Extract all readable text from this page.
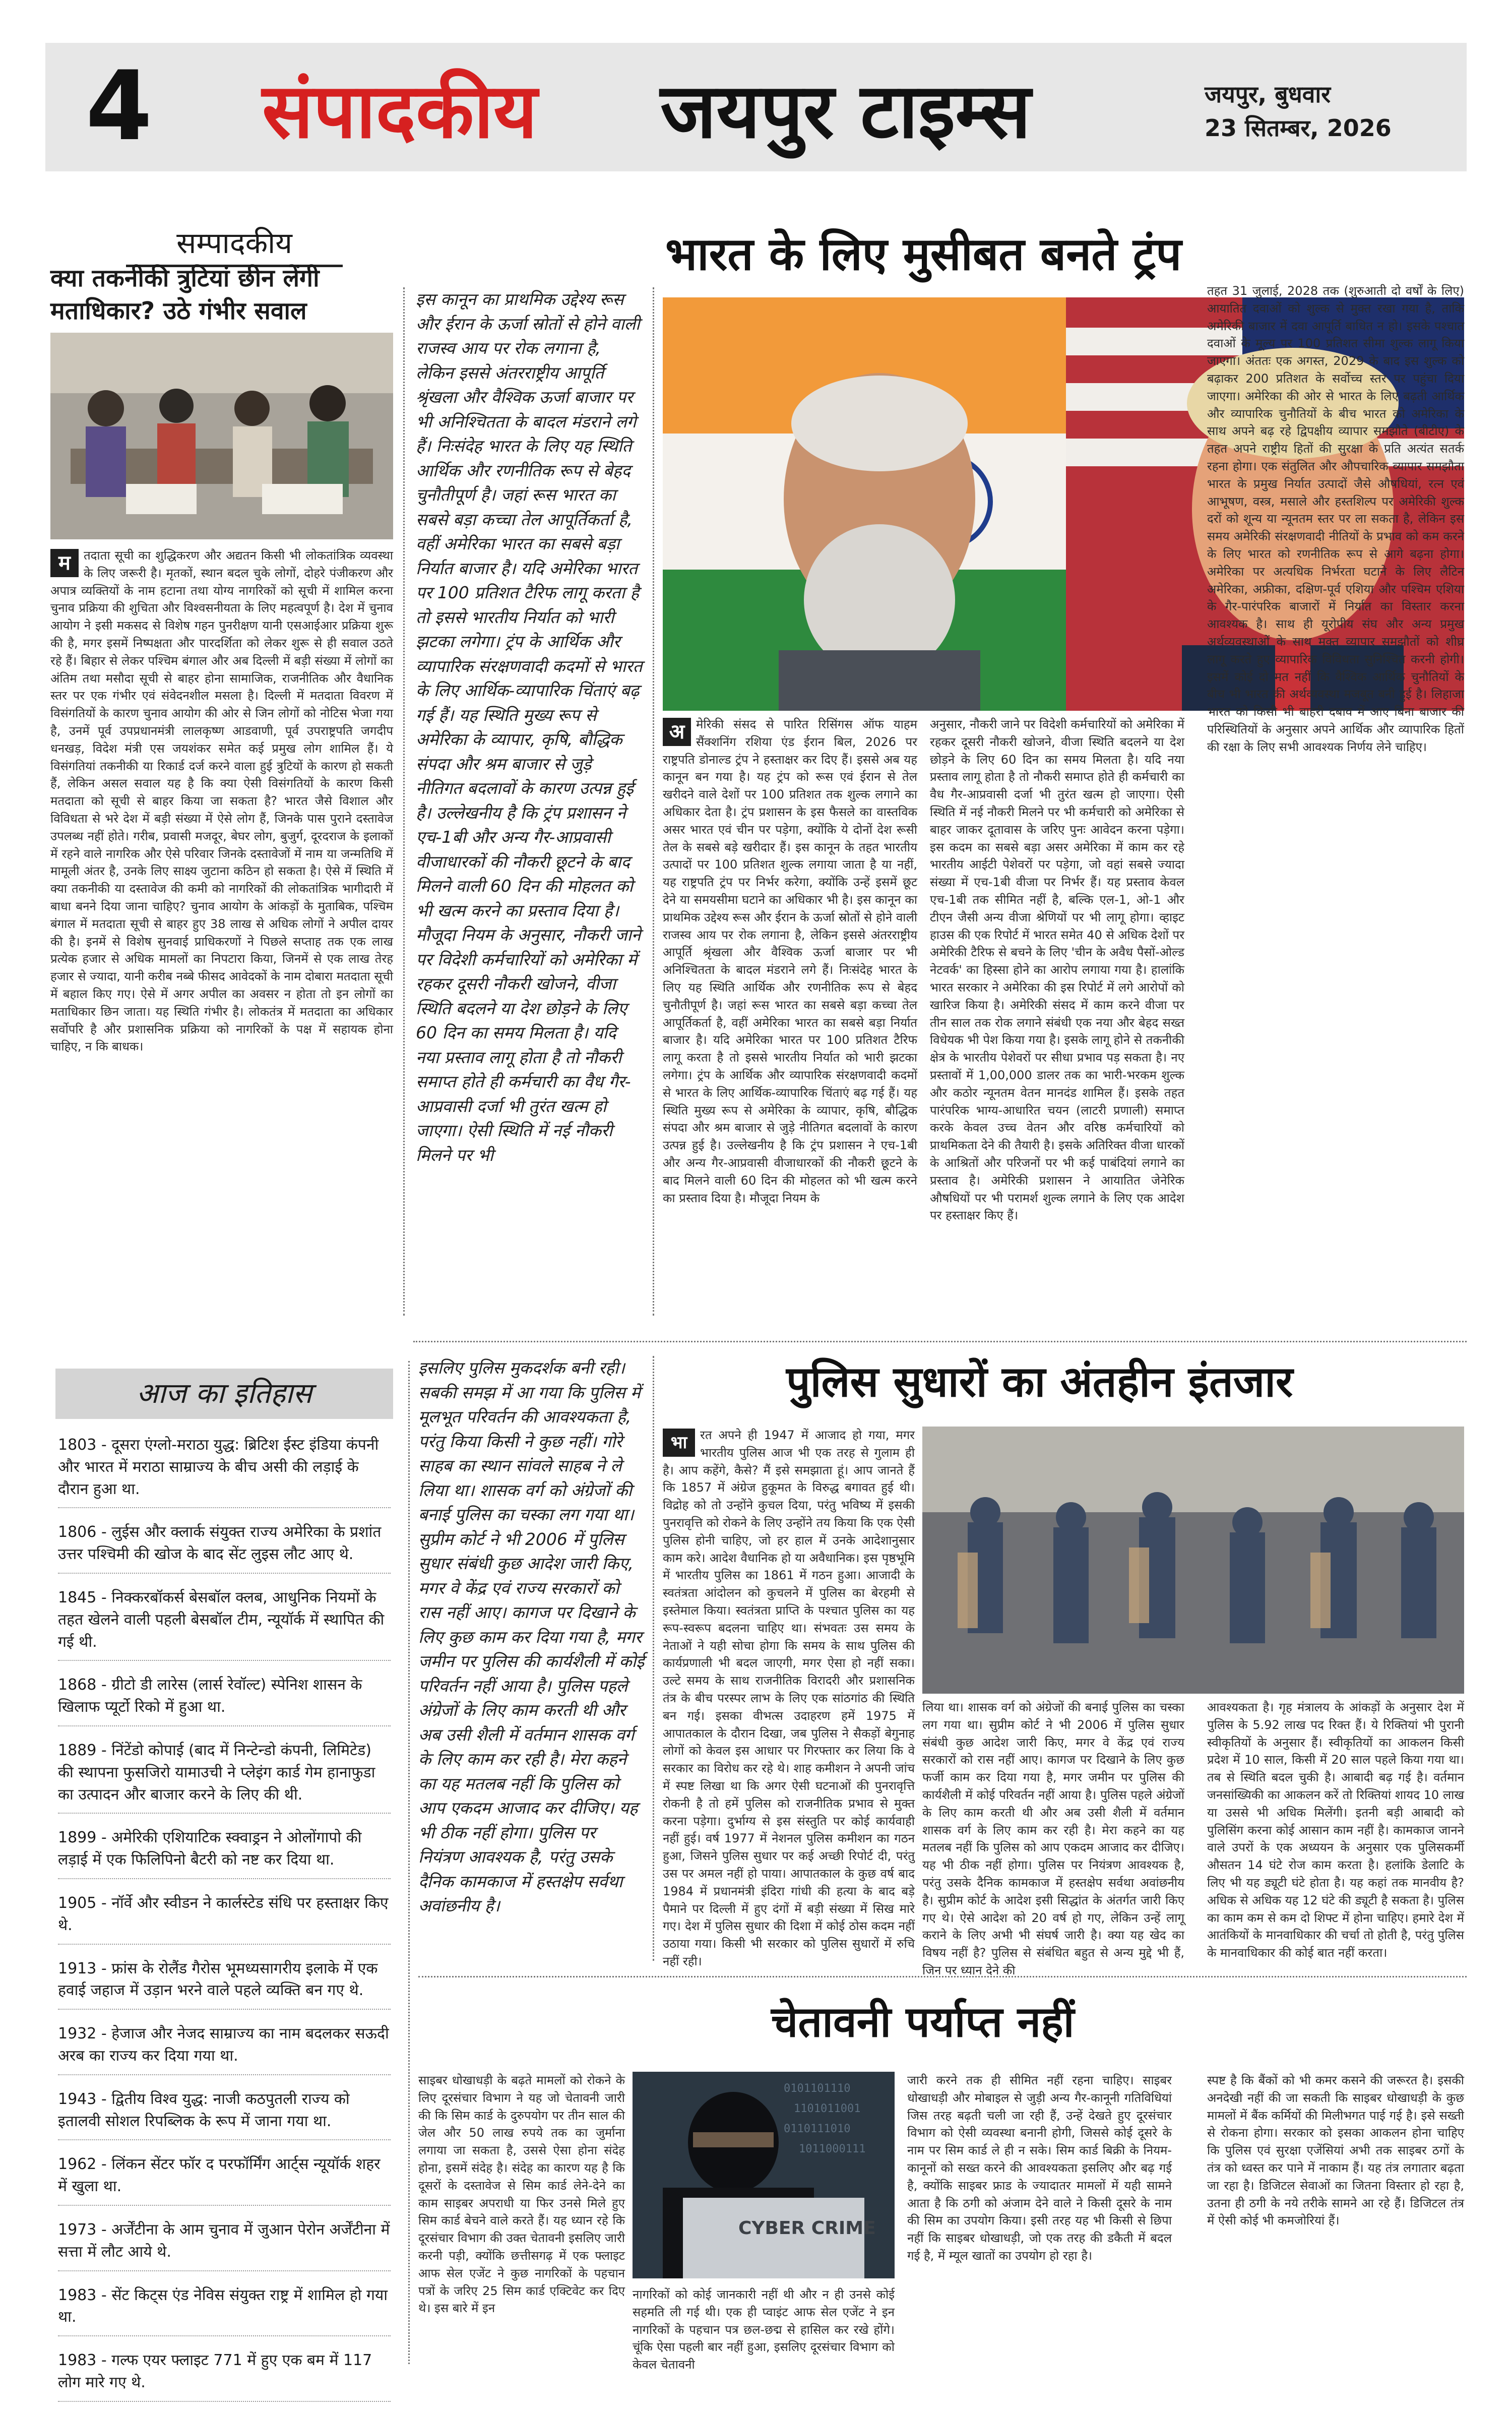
4 संपादकीय जयपुर टाइम्स	जयपुर, बुधवार
23 सितम्बर, 2026
सम्पादकीय
क्या तकनीकी त्रुटियां छीन लेंगी मताधिकार? उठे गंभीर सवाल
म	तदाता सूची का शुद्धिकरण और अद्यतन किसी भी लोकतांत्रिक व्यवस्था के लिए जरूरी है। मृतकों, स्थान बदल चुके लोगों, दोहरे पंजीकरण और अपात्र व्यक्तियों के नाम हटाना तथा योग्य नागरिकों को सूची में शामिल करना चुनाव प्रक्रिया की शुचिता और विश्वसनीयता के लिए महत्वपूर्ण है। देश में चुनाव आयोग ने इसी मकसद से विशेष गहन पुनरीक्षण यानी एसआईआर प्रक्रिया शुरू की है, मगर इसमें निष्पक्षता और पारदर्शिता को लेकर शुरू से ही सवाल उठते रहे हैं। बिहार से लेकर पश्चिम बंगाल और अब दिल्ली में बड़ी संख्या में लोगों का अंतिम तथा मसौदा सूची से बाहर होना सामाजिक, राजनीतिक और वैधानिक स्तर पर एक गंभीर एवं संवेदनशील मसला है। दिल्ली में मतदाता विवरण में विसंगतियों के कारण चुनाव आयोग की ओर से जिन लोगों को नोटिस भेजा गया है, उनमें पूर्व उपप्रधानमंत्री लालकृष्ण आडवाणी, पूर्व उपराष्ट्रपति जगदीप धनखड़, विदेश मंत्री एस जयशंकर समेत कई प्रमुख लोग शामिल हैं। ये विसंगतियां तकनीकी या रिकार्ड दर्ज करने वाला हुई त्रुटियों के कारण हो सकती हैं, लेकिन असल सवाल यह है कि क्या ऐसी विसंगतियों के कारण किसी मतदाता को सूची से बाहर किया जा सकता है? भारत जैसे विशाल और विविधता से भरे देश में बड़ी संख्या में ऐसे लोग हैं, जिनके पास पुराने दस्तावेज उपलब्ध नहीं होते। गरीब, प्रवासी मजदूर, बेघर लोग, बुजुर्ग, दूरदराज के इलाकों में रहने वाले नागरिक और ऐसे परिवार जिनके दस्तावेजों में नाम या जन्मतिथि में मामूली अंतर है, उनके लिए साक्ष्य जुटाना कठिन हो सकता है। ऐसे में स्थिति में क्या तकनीकी या दस्तावेज की कमी को नागरिकों की लोकतांत्रिक भागीदारी में बाधा बनने दिया जाना चाहिए? चुनाव आयोग के आंकड़ों के मुताबिक, पश्चिम बंगाल में मतदाता सूची से बाहर हुए 38 लाख से अधिक लोगों ने अपील दायर की है। इनमें से विशेष सुनवाई प्राधिकरणों ने पिछले सप्ताह तक एक लाख प्रत्येक हजार से अधिक मामलों का निपटारा किया, जिनमें से एक लाख तेरह हजार से ज्यादा, यानी करीब नब्बे फीसद आवेदकों के नाम दोबारा मतदाता सूची में बहाल किए गए। ऐसे में अगर अपील का अवसर न होता तो इन लोगों का मताधिकार छिन जाता। यह स्थिति गंभीर है। लोकतंत्र में मतदाता का अधिकार सर्वोपरि है और प्रशासनिक प्रक्रिया को नागरिकों के पक्ष में सहायक होना चाहिए, न कि बाधक।
इस कानून का प्राथमिक उद्देश्य रूस और ईरान के ऊर्जा स्रोतों से होने वाली राजस्व आय पर रोक लगाना है, लेकिन इससे अंतरराष्ट्रीय आपूर्ति श्रृंखला और वैश्विक ऊर्जा बाजार पर भी अनिश्चितता के बादल मंडराने लगे हैं। निःसंदेह भारत के लिए यह स्थिति आर्थिक और रणनीतिक रूप से बेहद चुनौतीपूर्ण है। जहां रूस भारत का सबसे बड़ा कच्चा तेल आपूर्तिकर्ता है, वहीं अमेरिका भारत का सबसे बड़ा निर्यात बाजार है। यदि अमेरिका भारत पर 100 प्रतिशत टैरिफ लागू करता है तो इससे भारतीय निर्यात को भारी झटका लगेगा। ट्रंप के आर्थिक और व्यापारिक संरक्षणवादी कदमों से भारत के लिए आर्थिक-व्यापारिक चिंताएं बढ़ गई हैं। यह स्थिति मुख्य रूप से अमेरिका के व्यापार, कृषि, बौद्धिक संपदा और श्रम बाजार से जुड़े नीतिगत बदलावों के कारण उत्पन्न हुई है। उल्लेखनीय है कि ट्रंप प्रशासन ने एच-1बी और अन्य गैर-आप्रवासी वीजाधारकों की नौकरी छूटने के बाद मिलने वाली 60 दिन की मोहलत को भी खत्म करने का प्रस्ताव दिया है। मौजूदा नियम के अनुसार, नौकरी जाने पर विदेशी कर्मचारियों को अमेरिका में रहकर दूसरी नौकरी खोजने, वीजा स्थिति बदलने या देश छोड़ने के लिए 60 दिन का समय मिलता है। यदि नया प्रस्ताव लागू होता है तो नौकरी समाप्त होते ही कर्मचारी का वैध गैर-आप्रवासी दर्जा भी तुरंत खत्म हो जाएगा। ऐसी स्थिति में नई नौकरी मिलने पर भी
भारत के लिए मुसीबत बनते ट्रंप
अ मेरिकी संसद से पारित रिसिंगस ऑफ याहम सैंक्शनिंग रशिया एंड ईरान बिल, 2026 पर राष्ट्रपति डोनाल्ड ट्रंप ने हस्ताक्षर कर दिए हैं। इससे अब यह कानून बन गया है। यह ट्रंप को रूस एवं ईरान से तेल खरीदने वाले देशों पर 100 प्रतिशत तक शुल्क लगाने का अधिकार देता है। ट्रंप प्रशासन के इस फैसले का वास्तविक असर भारत एवं चीन पर पड़ेगा, क्योंकि ये दोनों देश रूसी तेल के सबसे बड़े खरीदार हैं। इस कानून के तहत भारतीय उत्पादों पर 100 प्रतिशत शुल्क लगाया जाता है या नहीं, यह राष्ट्रपति ट्रंप पर निर्भर करेगा, क्योंकि उन्हें इसमें छूट देने या समयसीमा घटाने का अधिकार भी है। इस कानून का प्राथमिक उद्देश्य रूस और ईरान के ऊर्जा स्रोतों से होने वाली राजस्व आय पर रोक लगाना है, लेकिन इससे अंतरराष्ट्रीय आपूर्ति श्रृंखला और वैश्विक ऊर्जा बाजार पर भी अनिश्चितता के बादल मंडराने लगे हैं। निःसंदेह भारत के लिए यह स्थिति आर्थिक और रणनीतिक रूप से बेहद चुनौतीपूर्ण है। जहां रूस भारत का सबसे बड़ा कच्चा तेल आपूर्तिकर्ता है, वहीं अमेरिका भारत का सबसे बड़ा निर्यात बाजार है। यदि अमेरिका भारत पर 100 प्रतिशत टैरिफ लागू करता है तो इससे भारतीय निर्यात को भारी झटका लगेगा। ट्रंप के आर्थिक और व्यापारिक संरक्षणवादी कदमों से भारत के लिए आर्थिक-व्यापारिक चिंताएं बढ़ गई हैं। यह स्थिति मुख्य रूप से अमेरिका के व्यापार, कृषि, बौद्धिक संपदा और श्रम बाजार से जुड़े नीतिगत बदलावों के कारण उत्पन्न हुई है। उल्लेखनीय है कि ट्रंप प्रशासन ने एच-1बी और अन्य गैर-आप्रवासी वीजाधारकों की नौकरी छूटने के बाद मिलने वाली 60 दिन की मोहलत को भी खत्म करने का प्रस्ताव दिया है। मौजूदा नियम के
अनुसार, नौकरी जाने पर विदेशी कर्मचारियों को अमेरिका में रहकर दूसरी नौकरी खोजने, वीजा स्थिति बदलने या देश छोड़ने के लिए 60 दिन का समय मिलता है। यदि नया प्रस्ताव लागू होता है तो नौकरी समाप्त होते ही कर्मचारी का वैध गैर-आप्रवासी दर्जा भी तुरंत खत्म हो जाएगा। ऐसी स्थिति में नई नौकरी मिलने पर भी कर्मचारी को अमेरिका से बाहर जाकर दूतावास के जरिए पुनः आवेदन करना पड़ेगा। इस कदम का सबसे बड़ा असर अमेरिका में काम कर रहे भारतीय आईटी पेशेवरों पर पड़ेगा, जो वहां सबसे ज्यादा संख्या में एच-1बी वीजा पर निर्भर हैं। यह प्रस्ताव केवल एच-1बी तक सीमित नहीं है, बल्कि एल-1, ओ-1 और टीएन जैसी अन्य वीजा श्रेणियों पर भी लागू होगा। व्हाइट हाउस की एक रिपोर्ट में भारत समेत 40 से अधिक देशों पर अमेरिकी टैरिफ से बचने के लिए 'चीन के अवैध पैसों-ओल्ड नेटवर्क' का हिस्सा होने का आरोप लगाया गया है। हालांकि भारत सरकार ने अमेरिका की इस रिपोर्ट में लगे आरोपों को खारिज किया है। अमेरिकी संसद में काम करने वीजा पर तीन साल तक रोक लगाने संबंधी एक नया और बेहद सख्त विधेयक भी पेश किया गया है। इसके लागू होने से तकनीकी क्षेत्र के भारतीय पेशेवरों पर सीधा प्रभाव पड़ सकता है। नए प्रस्तावों में 1,00,000 डालर तक का भारी-भरकम शुल्क और कठोर न्यूनतम वेतन मानदंड शामिल हैं। इसके तहत पारंपरिक भाग्य-आधारित चयन (लाटरी प्रणाली) समाप्त करके केवल उच्च वेतन और वरिष्ठ कर्मचारियों को प्राथमिकता देने की तैयारी है। इसके अतिरिक्त वीजा धारकों के आश्रितों और परिजनों पर भी कई पाबंदियां लगाने का प्रस्ताव है। अमेरिकी प्रशासन ने आयातित जेनेरिक औषधियों पर भी परामर्श शुल्क लगाने के लिए एक आदेश पर हस्ताक्षर किए हैं।
तहत 31 जुलाई, 2028 तक (शुरुआती दो वर्षों के लिए) आयातित दवाओं को शुल्क से मुक्त रखा गया है, ताकि अमेरिकी बाजार में दवा आपूर्ति बाधित न हो। इसके पश्चात दवाओं के मूल्य पर 100 प्रतिशत सीमा शुल्क लागू किया जाएगा। अंततः एक अगस्त, 2029 के बाद इस शुल्क को बढ़ाकर 200 प्रतिशत के सर्वोच्च स्तर पर पहुंचा दिया जाएगा। अमेरिका की ओर से भारत के लिए बढ़ती आर्थिक और व्यापारिक चुनौतियों के बीच भारत को अमेरिका के साथ अपने बढ़ रहे द्विपक्षीय व्यापार समझौते (बीटीए) के तहत अपने राष्ट्रीय हितों की सुरक्षा के प्रति अत्यंत सतर्क रहना होगा। एक संतुलित और औपचारिक व्यापार समझौता भारत के प्रमुख निर्यात उत्पादों जैसे औषधियां, रत्न एवं आभूषण, वस्त्र, मसाले और हस्तशिल्प पर अमेरिकी शुल्क दरों को शून्य या न्यूनतम स्तर पर ला सकता है, लेकिन इस समय अमेरिकी संरक्षणवादी नीतियों के प्रभाव को कम करने के लिए भारत को रणनीतिक रूप से आगे बढ़ना होगा। अमेरिका पर अत्यधिक निर्भरता घटाने के लिए लैटिन अमेरिका, अफ्रीका, दक्षिण-पूर्व एशिया और पश्चिम एशिया के गैर-पारंपरिक बाजारों में निर्यात का विस्तार करना आवश्यक है। साथ ही यूरोपीय संघ और अन्य प्रमुख अर्थव्यवस्थाओं के साथ मुक्त व्यापार समझौतों को शीघ्र लागू करते हुए व्यापारिक विविधता सुनिश्चित करनी होगी। इसमें कोई दो मत नहीं कि वैश्विक आर्थिक चुनौतियों के बीच भी भारत की अर्थव्यवस्था मजबूत बनी हुई है। लिहाजा भारत को किसी भी बाहरी दबाव में आए बिना बाजार की परिस्थितियों के अनुसार अपने आर्थिक और व्यापारिक हितों की रक्षा के लिए सभी आवश्यक निर्णय लेने चाहिए।
आज का इतिहास
1803 - दूसरा एंग्लो-मराठा युद्ध: ब्रिटिश ईस्ट इंडिया कंपनी और भारत में मराठा साम्राज्य के बीच असी की लड़ाई के दौरान हुआ था.
1806 - लुईस और क्लार्क संयुक्त राज्य अमेरिका के प्रशांत उत्तर पश्चिमी की खोज के बाद सेंट लुइस लौट आए थे.
1845 - निक्करबॉकर्स बेसबॉल क्लब, आधुनिक नियमों के तहत खेलने वाली पहली बेसबॉल टीम, न्यूयॉर्क में स्थापित की गई थी.
1868 - ग्रीटो डी लारेस (लार्स रेवॉल्ट) स्पेनिश शासन के खिलाफ प्यूर्टो रिको में हुआ था.
1889 - निंटेंडो कोपाई (बाद में निन्टेन्डो कंपनी, लिमिटेड) की स्थापना फुसजिरो यामाउची ने प्लेइंग कार्ड गेम हानाफुडा का उत्पादन और बाजार करने के लिए की थी.
1899 - अमेरिकी एशियाटिक स्क्वाड्रन ने ओलोंगापो की लड़ाई में एक फिलिपिनो बैटरी को नष्ट कर दिया था.
1905 - नॉर्वे और स्वीडन ने कार्लस्टेड संधि पर हस्ताक्षर किए थे.
1913 - फ्रांस के रोलैंड गैरोस भूमध्यसागरीय इलाके में एक हवाई जहाज में उड़ान भरने वाले पहले व्यक्ति बन गए थे.
1932 - हेजाज और नेजद साम्राज्य का नाम बदलकर सऊदी अरब का राज्य कर दिया गया था.
1943 - द्वितीय विश्व युद्ध: नाजी कठपुतली राज्य को इतालवी सोशल रिपब्लिक के रूप में जाना गया था.
1962 - लिंकन सेंटर फॉर द परफॉर्मिंग आर्ट्स न्यूयॉर्क शहर में खुला था.
1973 - अर्जेंटीना के आम चुनाव में जुआन पेरोन अर्जेंटीना में सत्ता में लौट आये थे.
1983 - सेंट किट्स एंड नेविस संयुक्त राष्ट्र में शामिल हो गया था.
1983 - गल्फ एयर फ्लाइट 771 में हुए एक बम में 117 लोग मारे गए थे.
इसलिए पुलिस मुकदर्शक बनी रही। सबकी समझ में आ गया कि पुलिस में मूलभूत परिवर्तन की आवश्यकता है, परंतु किया किसी ने कुछ नहीं। गोरे साहब का स्थान सांवले साहब ने ले लिया था। शासक वर्ग को अंग्रेजों की बनाई पुलिस का चस्का लग गया था। सुप्रीम कोर्ट ने भी 2006 में पुलिस सुधार संबंधी कुछ आदेश जारी किए, मगर वे केंद्र एवं राज्य सरकारों को रास नहीं आए। कागज पर दिखाने के लिए कुछ काम कर दिया गया है, मगर जमीन पर पुलिस की कार्यशैली में कोई परिवर्तन नहीं आया है। पुलिस पहले अंग्रेजों के लिए काम करती थी और अब उसी शैली में वर्तमान शासक वर्ग के लिए काम कर रही है। मेरा कहने का यह मतलब नहीं कि पुलिस को आप एकदम आजाद कर दीजिए। यह भी ठीक नहीं होगा। पुलिस पर नियंत्रण आवश्यक है, परंतु उसके दैनिक कामकाज में हस्तक्षेप सर्वथा अवांछनीय है।
पुलिस सुधारों का अंतहीन इंतजार
भा	रत अपने ही 1947 में आजाद हो गया, मगर भारतीय पुलिस आज भी एक तरह से गुलाम ही है। आप कहेंगे, कैसे? मैं इसे समझाता हूं। आप जानते हैं कि 1857 में अंग्रेज हुकूमत के विरुद्ध बगावत हुई थी। विद्रोह को तो उन्होंने कुचल दिया, परंतु भविष्य में इसकी पुनरावृत्ति को रोकने के लिए उन्होंने तय किया कि एक ऐसी पुलिस होनी चाहिए, जो हर हाल में उनके आदेशानुसार काम करे। आदेश वैधानिक हो या अवैधानिक। इस पृष्ठभूमि में भारतीय पुलिस का 1861 में गठन हुआ। आजादी के स्वतंत्रता आंदोलन को कुचलने में पुलिस का बेरहमी से इस्तेमाल किया। स्वतंत्रता प्राप्ति के पश्चात पुलिस का यह रूप-स्वरूप बदलना चाहिए था। संभवतः उस समय के नेताओं ने यही सोचा होगा कि समय के साथ पुलिस की कार्यप्रणाली भी बदल जाएगी, मगर ऐसा हो नहीं सका। उल्टे समय के साथ राजनीतिक विरादरी और प्रशासनिक तंत्र के बीच परस्पर लाभ के लिए एक सांठगांठ की स्थिति बन गई। इसका वीभत्स उदाहरण हमें 1975 में आपातकाल के दौरान दिखा, जब पुलिस ने सैकड़ों बेगुनाह लोगों को केवल इस आधार पर गिरफ्तार कर लिया कि वे सरकार का विरोध कर रहे थे। शाह कमीशन ने अपनी जांच में स्पष्ट लिखा था कि अगर ऐसी घटनाओं की पुनरावृत्ति रोकनी है तो हमें पुलिस को राजनीतिक प्रभाव से मुक्त करना पड़ेगा। दुर्भाग्य से इस संस्तुति पर कोई कार्यवाही नहीं हुई। वर्ष 1977 में नेशनल पुलिस कमीशन का गठन हुआ, जिसने पुलिस सुधार पर कई अच्छी रिपोर्ट दी, परंतु उस पर अमल नहीं हो पाया। आपातकाल के कुछ वर्ष बाद 1984 में प्रधानमंत्री इंदिरा गांधी की हत्या के बाद बड़े पैमाने पर दिल्ली में हुए दंगों में बड़ी संख्या में सिख मारे गए। देश में पुलिस सुधार की दिशा में कोई ठोस कदम नहीं उठाया गया। किसी भी सरकार को पुलिस सुधारों में रुचि नहीं रही।
लिया था। शासक वर्ग को अंग्रेजों की बनाई पुलिस का चस्का लग गया था। सुप्रीम कोर्ट ने भी 2006 में पुलिस सुधार संबंधी कुछ आदेश जारी किए, मगर वे केंद्र एवं राज्य सरकारों को रास नहीं आए। कागज पर दिखाने के लिए कुछ फर्जी काम कर दिया गया है, मगर जमीन पर पुलिस की कार्यशैली में कोई परिवर्तन नहीं आया है। पुलिस पहले अंग्रेजों के लिए काम करती थी और अब उसी शैली में वर्तमान शासक वर्ग के लिए काम कर रही है। मेरा कहने का यह मतलब नहीं कि पुलिस को आप एकदम आजाद कर दीजिए। यह भी ठीक नहीं होगा। पुलिस पर नियंत्रण आवश्यक है, परंतु उसके दैनिक कामकाज में हस्तक्षेप सर्वथा अवांछनीय है। सुप्रीम कोर्ट के आदेश इसी सिद्धांत के अंतर्गत जारी किए गए थे। ऐसे आदेश को 20 वर्ष हो गए, लेकिन उन्हें लागू कराने के लिए अभी भी संघर्ष जारी है। क्या यह खेद का विषय नहीं है? पुलिस से संबंधित बहुत से अन्य मुद्दे भी हैं, जिन पर ध्यान देने की
आवश्यकता है। गृह मंत्रालय के आंकड़ों के अनुसार देश में पुलिस के 5.92 लाख पद रिक्त हैं। ये रिक्तियां भी पुरानी स्वीकृतियों के अनुसार हैं। स्वीकृतियों का आकलन किसी प्रदेश में 10 साल, किसी में 20 साल पहले किया गया था। तब से स्थिति बदल चुकी है। आबादी बढ़ गई है। वर्तमान जनसांख्यिकी का आकलन करें तो रिक्तियां शायद 10 लाख या उससे भी अधिक मिलेंगी। इतनी बड़ी आबादी को पुलिसिंग करना कोई आसान काम नहीं है। कामकाज जानने वाले उपरों के एक अध्ययन के अनुसार एक पुलिसकर्मी औसतन 14 घंटे रोज काम करता है। हलांकि डेलाटि के लिए भी यह ड्यूटी घंटे होता है। यह कहां तक मानवीय है? अधिक से अधिक यह 12 घंटे की ड्यूटी है सकता है। पुलिस का काम कम से कम दो शिफ्ट में होना चाहिए। हमारे देश में आतंकियों के मानवाधिकार की चर्चा तो होती है, परंतु पुलिस के मानवाधिकार की कोई बात नहीं करता।
चेतावनी पर्याप्त नहीं
साइबर धोखाधड़ी के बढ़ते मामलों को रोकने के लिए दूरसंचार विभाग ने यह जो चेतावनी जारी की कि सिम कार्ड के दुरुपयोग पर तीन साल की जेल और 50 लाख रुपये तक का जुर्माना लगाया जा सकता है, उससे ऐसा होना संदेह होना, इसमें संदेह है। संदेह का कारण यह है कि दूसरों के दस्तावेज से सिम कार्ड लेने-देने का काम साइबर अपराधी या फिर उनसे मिले हुए सिम कार्ड बेचने वाले करते हैं। यह ध्यान रहे कि दूरसंचार विभाग की उक्त चेतावनी इसलिए जारी करनी पड़ी, क्योंकि छत्तीसगढ़ में एक फ्लाइट आफ सेल एजेंट ने कुछ नागरिकों के पहचान पत्रों के जरिए 25 सिम कार्ड एक्टिवेट कर दिए थे। इस बारे में इन
0101101110
1101011001
0110111010
1011000111
CYBER CRIME
नागरिकों को कोई जानकारी नहीं थी और न ही उनसे कोई सहमति ली गई थी। एक ही प्वाइंट आफ सेल एजेंट ने इन नागरिकों के पहचान पत्र छल-छद्म से हासिल कर रखे होंगे। चूंकि ऐसा पहली बार नहीं हुआ, इसलिए दूरसंचार विभाग को केवल चेतावनी
जारी करने तक ही सीमित नहीं रहना चाहिए। साइबर धोखाधड़ी और मोबाइल से जुड़ी अन्य गैर-कानूनी गतिविधियां जिस तरह बढ़ती चली जा रही हैं, उन्हें देखते हुए दूरसंचार विभाग को ऐसी व्यवस्था बनानी होगी, जिससे कोई दूसरे के नाम पर सिम कार्ड ले ही न सके। सिम कार्ड बिक्री के नियम-कानूनों को सख्त करने की आवश्यकता इसलिए और बढ़ गई है, क्योंकि साइबर फ्राड के ज्यादातर मामलों में यही सामने आता है कि ठगी को अंजाम देने वाले ने किसी दूसरे के नाम की सिम का उपयोग किया। इसी तरह यह भी किसी से छिपा नहीं कि साइबर धोखाधड़ी, जो एक तरह की डकैती में बदल गई है, में म्यूल खातों का उपयोग हो रहा है।
स्पष्ट है कि बैंकों को भी कमर कसने की जरूरत है। इसकी अनदेखी नहीं की जा सकती कि साइबर धोखाधड़ी के कुछ मामलों में बैंक कर्मियों की मिलीभगत पाई गई है। इसे सख्ती से रोकना होगा। सरकार को इसका आकलन होना चाहिए कि पुलिस एवं सुरक्षा एजेंसियां अभी तक साइबर ठगों के तंत्र को ध्वस्त कर पाने में नाकाम हैं। यह तंत्र लगातार बढ़ता जा रहा है। डिजिटल सेवाओं का जितना विस्तार हो रहा है, उतना ही ठगी के नये तरीके सामने आ रहे हैं। डिजिटल तंत्र में ऐसी कोई भी कमजोरियां हैं।
